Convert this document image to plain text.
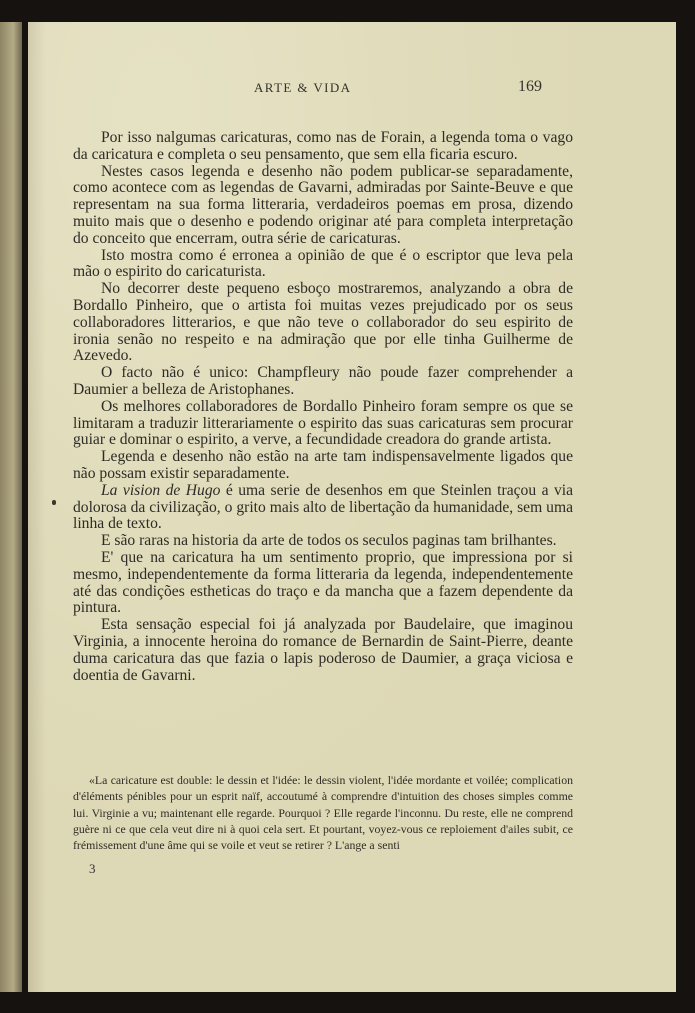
ARTE & VIDA	169

Por isso nalgumas caricaturas, como nas de Forain, a legenda toma o vago da caricatura e completa o seu pensamento, que sem ella ficaria escuro.

Nestes casos legenda e desenho não podem publicar-se separadamente, como acontece com as legendas de Gavarni, admiradas por Sainte-Beuve e que representam na sua forma litteraria, verdadeiros poemas em prosa, dizendo muito mais que o desenho e podendo originar até para completa interpretação do conceito que encerram, outra série de caricaturas.

Isto mostra como é erronea a opinião de que é o escriptor que leva pela mão o espirito do caricaturista.

No decorrer deste pequeno esboço mostraremos, analyzando a obra de Bordallo Pinheiro, que o artista foi muitas vezes prejudicado por os seus collaboradores litterarios, e que não teve o collaborador do seu espirito de ironia senão no respeito e na admiração que por elle tinha Guilherme de Azevedo.

O facto não é unico: Champfleury não poude fazer comprehender a Daumier a belleza de Aristophanes.

Os melhores collaboradores de Bordallo Pinheiro foram sempre os que se limitaram a traduzir litterariamente o espirito das suas caricaturas sem procurar guiar e dominar o espirito, a verve, a fecundidade creadora do grande artista.

Legenda e desenho não estão na arte tam indispensavelmente ligados que não possam existir separadamente.

La vision de Hugo é uma serie de desenhos em que Steinlen traçou a via dolorosa da civilização, o grito mais alto de libertação da humanidade, sem uma linha de texto.

E são raras na historia da arte de todos os seculos paginas tam brilhantes.

E' que na caricatura ha um sentimento proprio, que impressiona por si mesmo, independentemente da forma litteraria da legenda, independentemente até das condições estheticas do traço e da mancha que a fazem dependente da pintura.

Esta sensação especial foi já analyzada por Baudelaire, que imaginou Virginia, a innocente heroina do romance de Bernardin de Saint-Pierre, deante duma caricatura das que fazia o lapis poderoso de Daumier, a graça viciosa e doentia de Gavarni.

«La caricature est double: le dessin et l'idée: le dessin violent, l'idée mordante et voilée; complication d'éléments pénibles pour un esprit naïf, accoutumé à comprendre d'intuition des choses simples comme lui. Virginie a vu; maintenant elle regarde. Pourquoi ? Elle regarde l'inconnu. Du reste, elle ne comprend guère ni ce que cela veut dire ni à quoi cela sert. Et pourtant, voyez-vous ce reploiement d'ailes subit, ce frémissement d'une âme qui se voile et veut se retirer ? L'ange a senti

3
